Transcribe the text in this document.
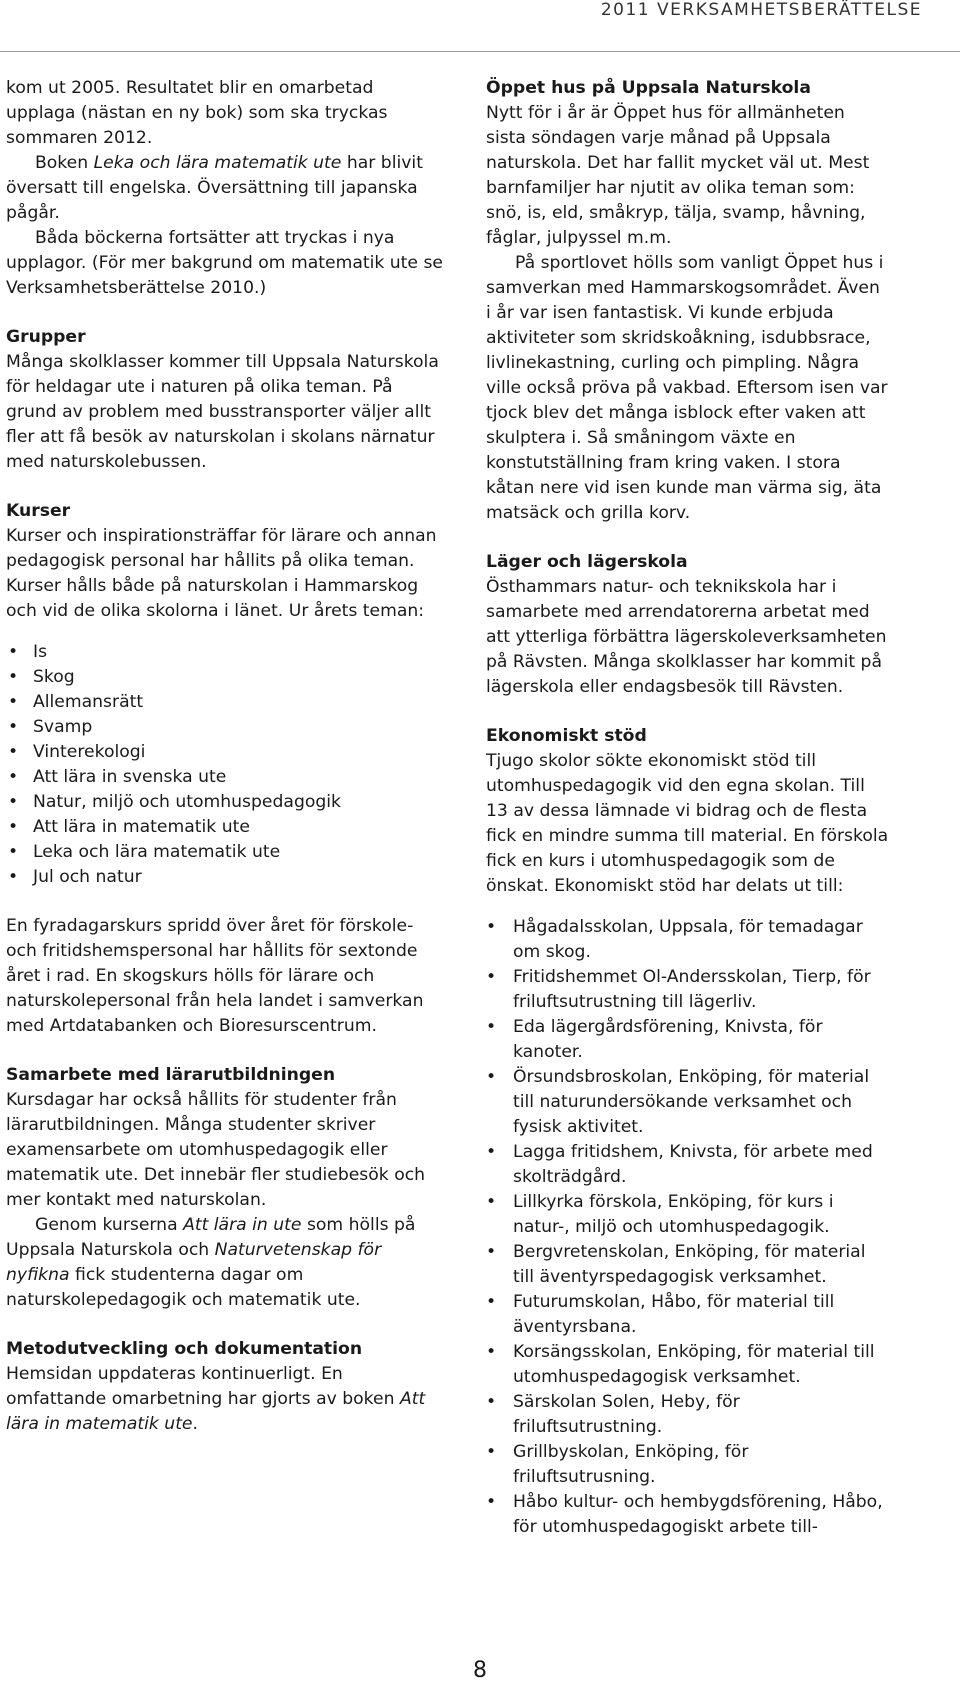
2011 VERKSAMHETSBERÄTTELSE

kom ut 2005. Resultatet blir en omarbetad upplaga (nästan en ny bok) som ska tryckas sommaren 2012.

Boken Leka och lära matematik ute har blivit översatt till engelska. Översättning till japanska pågår.

Båda böckerna fortsätter att tryckas i nya upplagor. (För mer bakgrund om matematik ute se Verksamhetsberättelse 2010.)

Grupper

Många skolklasser kommer till Uppsala Naturskola för heldagar ute i naturen på olika teman. På grund av problem med busstransporter väljer allt fler att få besök av naturskolan i skolans närnatur med naturskolebussen.

Kurser

Kurser och inspirationsträffar för lärare och annan pedagogisk personal har hållits på olika teman. Kurser hålls både på naturskolan i Hammarskog och vid de olika skolorna i länet. Ur årets teman:

• Is
• Skog
• Allemansrätt
• Svamp
• Vinterekologi
• Att lära in svenska ute
• Natur, miljö och utomhuspedagogik
• Att lära in matematik ute
• Leka och lära matematik ute
• Jul och natur

En fyradagarskurs spridd över året för förskole- och fritidshemspersonal har hållits för sextonde året i rad. En skogskurs hölls för lärare och naturskolepersonal från hela landet i samverkan med Artdatabanken och Bioresurscentrum.

Samarbete med lärarutbildningen

Kursdagar har också hållits för studenter från lärarutbildningen. Många studenter skriver examensarbete om utomhuspedagogik eller matematik ute. Det innebär fler studiebesök och mer kontakt med naturskolan.

Genom kurserna Att lära in ute som hölls på Uppsala Naturskola och Naturvetenskap för nyfikna fick studenterna dagar om naturskolepedagogik och matematik ute.

Metodutveckling och dokumentation

Hemsidan uppdateras kontinuerligt. En omfattande omarbetning har gjorts av boken Att lära in matematik ute.

Öppet hus på Uppsala Naturskola

Nytt för i år är Öppet hus för allmänheten sista söndagen varje månad på Uppsala naturskola. Det har fallit mycket väl ut. Mest barnfamiljer har njutit av olika teman som: snö, is, eld, småkryp, tälja, svamp, håvning, fåglar, julpyssel m.m.

På sportlovet hölls som vanligt Öppet hus i samverkan med Hammarskogsområdet. Även i år var isen fantastisk. Vi kunde erbjuda aktiviteter som skridskoåkning, isdubbsrace, livlinekastning, curling och pimpling. Några ville också pröva på vakbad. Eftersom isen var tjock blev det många isblock efter vaken att skulptera i. Så småningom växte en konstutställning fram kring vaken. I stora kåtan nere vid isen kunde man värma sig, äta matsäck och grilla korv.

Läger och lägerskola

Östhammars natur- och teknikskola har i samarbete med arrendatorerna arbetat med att ytterliga förbättra lägerskoleverksamheten på Rävsten. Många skolklasser har kommit på lägerskola eller endagsbesök till Rävsten.

Ekonomiskt stöd

Tjugo skolor sökte ekonomiskt stöd till utomhuspedagogik vid den egna skolan. Till 13 av dessa lämnade vi bidrag och de flesta fick en mindre summa till material. En förskola fick en kurs i utomhuspedagogik som de önskat. Ekonomiskt stöd har delats ut till:

• Hågadalsskolan, Uppsala, för temadagar om skog.
• Fritidshemmet Ol-Andersskolan, Tierp, för friluftsutrustning till lägerliv.
• Eda lägergårdsförening, Knivsta, för kanoter.
• Örsundsbroskolan, Enköping, för material till naturundersökande verksamhet och fysisk aktivitet.
• Lagga fritidshem, Knivsta, för arbete med skolträdgård.
• Lillkyrka förskola, Enköping, för kurs i natur-, miljö och utomhuspedagogik.
• Bergvretenskolan, Enköping, för material till äventyrspedagogisk verksamhet.
• Futurumskolan, Håbo, för material till äventyrsbana.
• Korsängsskolan, Enköping, för material till utomhuspedagogisk verksamhet.
• Särskolan Solen, Heby, för friluftsutrustning.
• Grillbyskolan, Enköping, för friluftsutrusning.
• Håbo kultur- och hembygdsförening, Håbo, för utomhuspedagogiskt arbete till-
8
